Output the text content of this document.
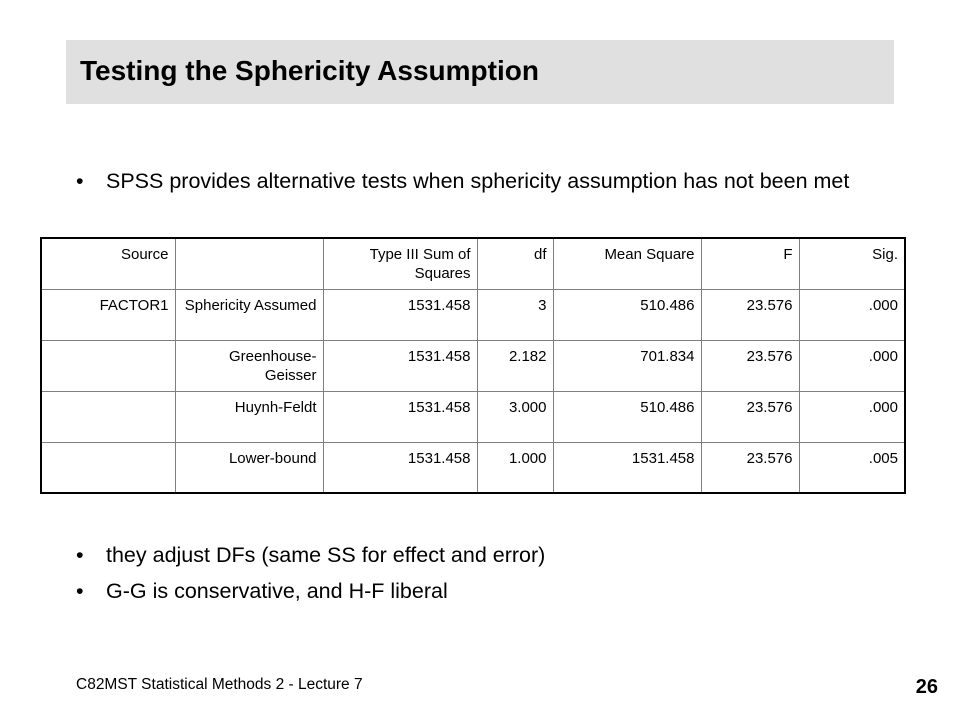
Testing the Sphericity Assumption
• SPSS provides alternative tests when sphericity assumption has not been met
Source		Type III Sum of Squares	df	Mean Square	F	Sig.
FACTOR1	Sphericity Assumed	1531.458	3	510.486	23.576	.000
	Greenhouse-Geisser	1531.458	2.182	701.834	23.576	.000
	Huynh-Feldt	1531.458	3.000	510.486	23.576	.000
	Lower-bound	1531.458	1.000	1531.458	23.576	.005
• they adjust DFs (same SS for effect and error)
• G-G is conservative, and H-F liberal
C82MST Statistical Methods 2 - Lecture 7	26
